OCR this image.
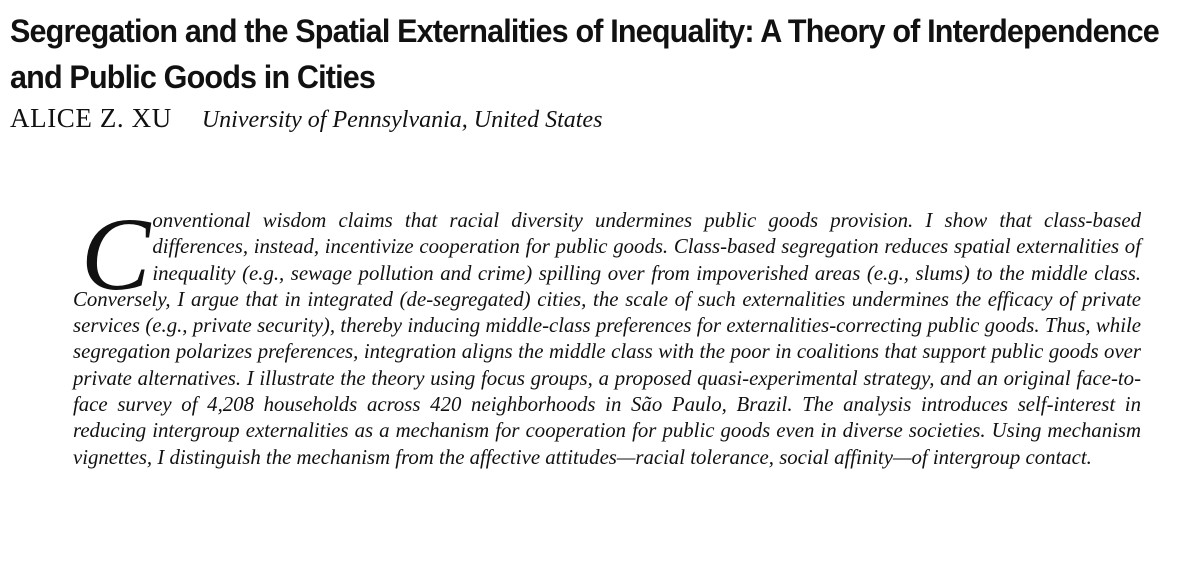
Segregation and the Spatial Externalities of Inequality: A Theory of Interdependence and Public Goods in Cities
ALICE Z. XU University of Pennsylvania, United States

Conventional wisdom claims that racial diversity undermines public goods provision. I show that class-based differences, instead, incentivize cooperation for public goods. Class-based segregation reduces spatial externalities of inequality (e.g., sewage pollution and crime) spilling over from impoverished areas (e.g., slums) to the middle class. Conversely, I argue that in integrated (de-segregated) cities, the scale of such externalities undermines the efficacy of private services (e.g., private security), thereby inducing middle-class preferences for externalities-correcting public goods. Thus, while segregation polarizes preferences, integration aligns the middle class with the poor in coalitions that support public goods over private alternatives. I illustrate the theory using focus groups, a proposed quasi-experimental strategy, and an original face-to-face survey of 4,208 households across 420 neighborhoods in São Paulo, Brazil. The analysis introduces self-interest in reducing intergroup externalities as a mechanism for cooperation for public goods even in diverse societies. Using mechanism vignettes, I distinguish the mechanism from the affective attitudes—racial tolerance, social affinity—of intergroup contact.
